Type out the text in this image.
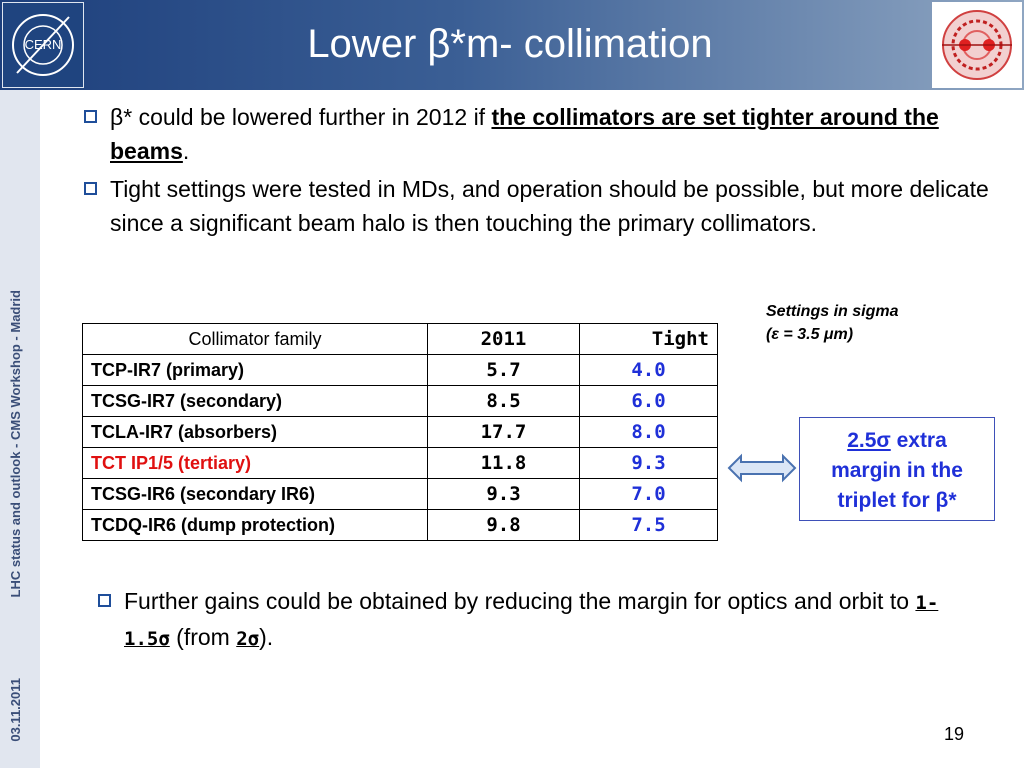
CERN	Lower β*m- collimation
LHC status and outlook - CMS Workshop - Madrid
03.11.2011
β* could be lowered further in 2012 if the collimators are set tighter around the beams.
Tight settings were tested in MDs, and operation should be possible, but more delicate since a significant beam halo is then touching the primary collimators.
Settings in sigma
(ε = 3.5 μm)
Collimator family	2011	Tight
TCP-IR7 (primary)	5.7	4.0
TCSG-IR7 (secondary)	8.5	6.0
TCLA-IR7 (absorbers)	17.7	8.0
TCT IP1/5 (tertiary)	11.8	9.3
TCSG-IR6 (secondary IR6)	9.3	7.0
TCDQ-IR6 (dump protection)	9.8	7.5
2.5σ extra
margin in the
triplet for β*
Further gains could be obtained by reducing the margin for optics and orbit to 1-1.5σ (from 2σ).
19
